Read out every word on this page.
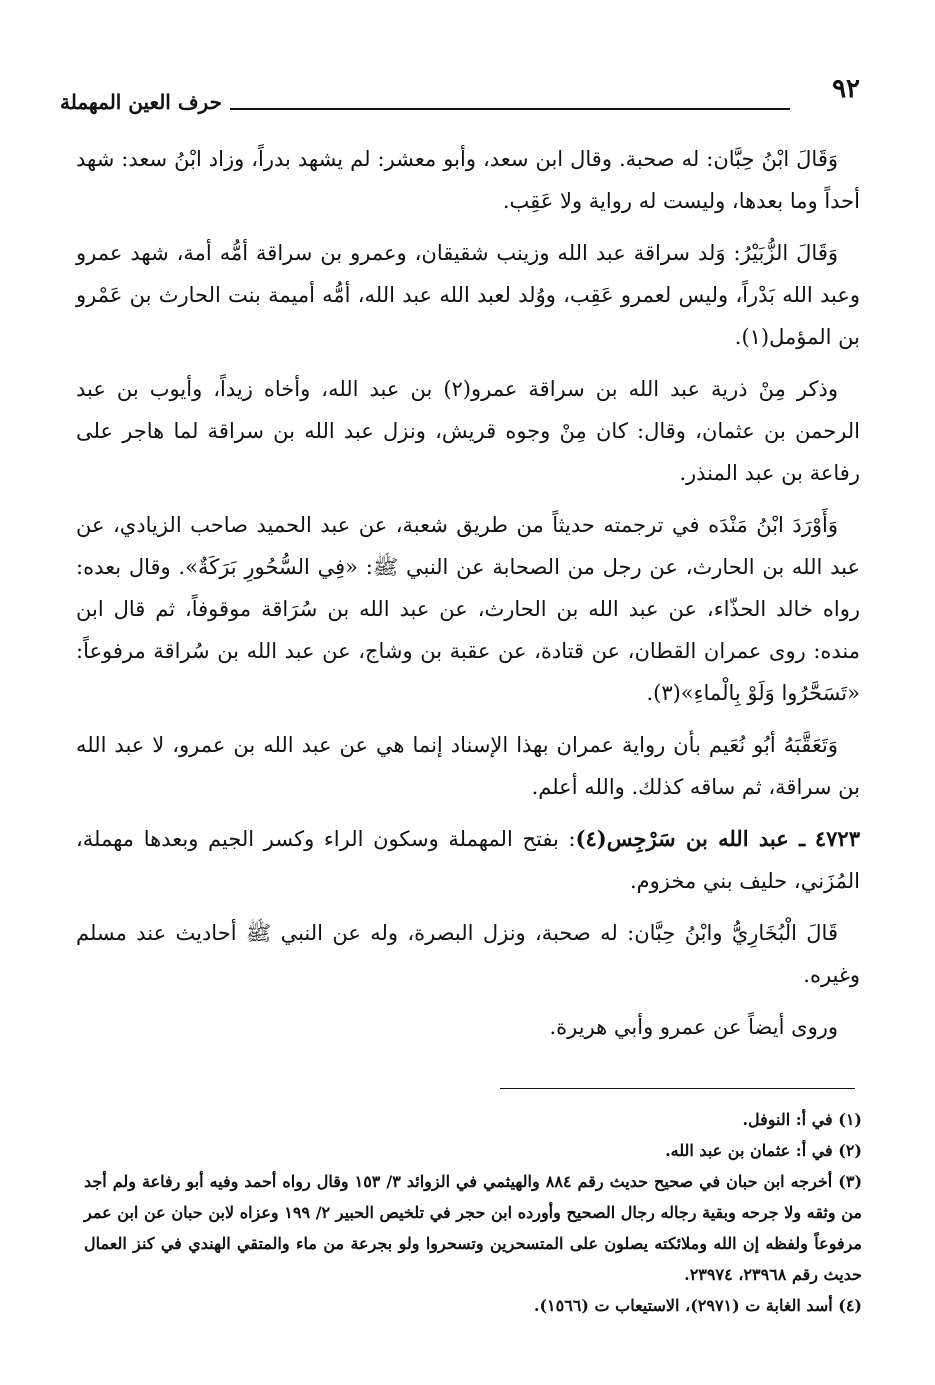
٩٢
حرف العين المهملة

وَقَالَ ابْنُ حِبَّان: له صحبة. وقال ابن سعد، وأبو معشر: لم يشهد بدراً، وزاد ابْنُ سعد: شهد أحداً وما بعدها، وليست له رواية ولا عَقِب.

وَقَالَ الزُّبَيْرُ: وَلد سراقة عبد الله وزينب شقيقان، وعمرو بن سراقة أمُّه أمة، شهد عمرو وعبد الله بَدْراً، وليس لعمرو عَقِب، ووُلد لعبد الله عبد الله، أمُّه أميمة بنت الحارث بن عَمْرو بن المؤمل(١).

وذكر مِنْ ذرية عبد الله بن سراقة عمرو(٢) بن عبد الله، وأخاه زيداً، وأيوب بن عبد الرحمن بن عثمان، وقال: كان مِنْ وجوه قريش، ونزل عبد الله بن سراقة لما هاجر على رفاعة بن عبد المنذر.

وَأَوْرَدَ ابْنُ مَنْدَه في ترجمته حديثاً من طريق شعبة، عن عبد الحميد صاحب الزيادي، عن عبد الله بن الحارث، عن رجل من الصحابة عن النبي ﷺ: «فِي السُّحُورِ بَرَكَةٌ». وقال بعده: رواه خالد الحذّاء، عن عبد الله بن الحارث، عن عبد الله بن سُرَاقة موقوفاً، ثم قال ابن منده: روى عمران القطان، عن قتادة، عن عقبة بن وشاج، عن عبد الله بن سُراقة مرفوعاً: «تَسَحَّرُوا وَلَوْ بِالْماءِ»(٣).

وَتَعَقَّبَهُ أبُو نُعَيم بأن رواية عمران بهذا الإسناد إنما هي عن عبد الله بن عمرو، لا عبد الله بن سراقة، ثم ساقه كذلك. والله أعلم.

٤٧٢٣ ـ عبد الله بن سَرْجِس(٤): بفتح المهملة وسكون الراء وكسر الجيم وبعدها مهملة، المُزَني، حليف بني مخزوم.

قَالَ الْبُخَارِيُّ وابْنُ حِبَّان: له صحبة، ونزل البصرة، وله عن النبي ﷺ أحاديث عند مسلم وغيره.

وروى أيضاً عن عمرو وأبي هريرة.

(١) في أ: النوفل.

(٢) في أ: عثمان بن عبد الله.

(٣) أخرجه ابن حبان في صحيح حديث رقم ٨٨٤ والهيثمي في الزوائد ٣/ ١٥٣ وقال رواه أحمد وفيه أبو رفاعة ولم أجد من وثقه ولا جرحه وبقية رجاله رجال الصحيح وأورده ابن حجر في تلخيص الحبير ٢/ ١٩٩ وعزاه لابن حبان عن ابن عمر مرفوعاً ولفظه إن الله وملائكته يصلون على المتسحرين وتسحروا ولو بجرعة من ماء والمتقي الهندي في كنز العمال حديث رقم ٢٣٩٦٨، ٢٣٩٧٤.

(٤) أسد الغابة ت (٢٩٧١)، الاستيعاب ت (١٥٦٦).
